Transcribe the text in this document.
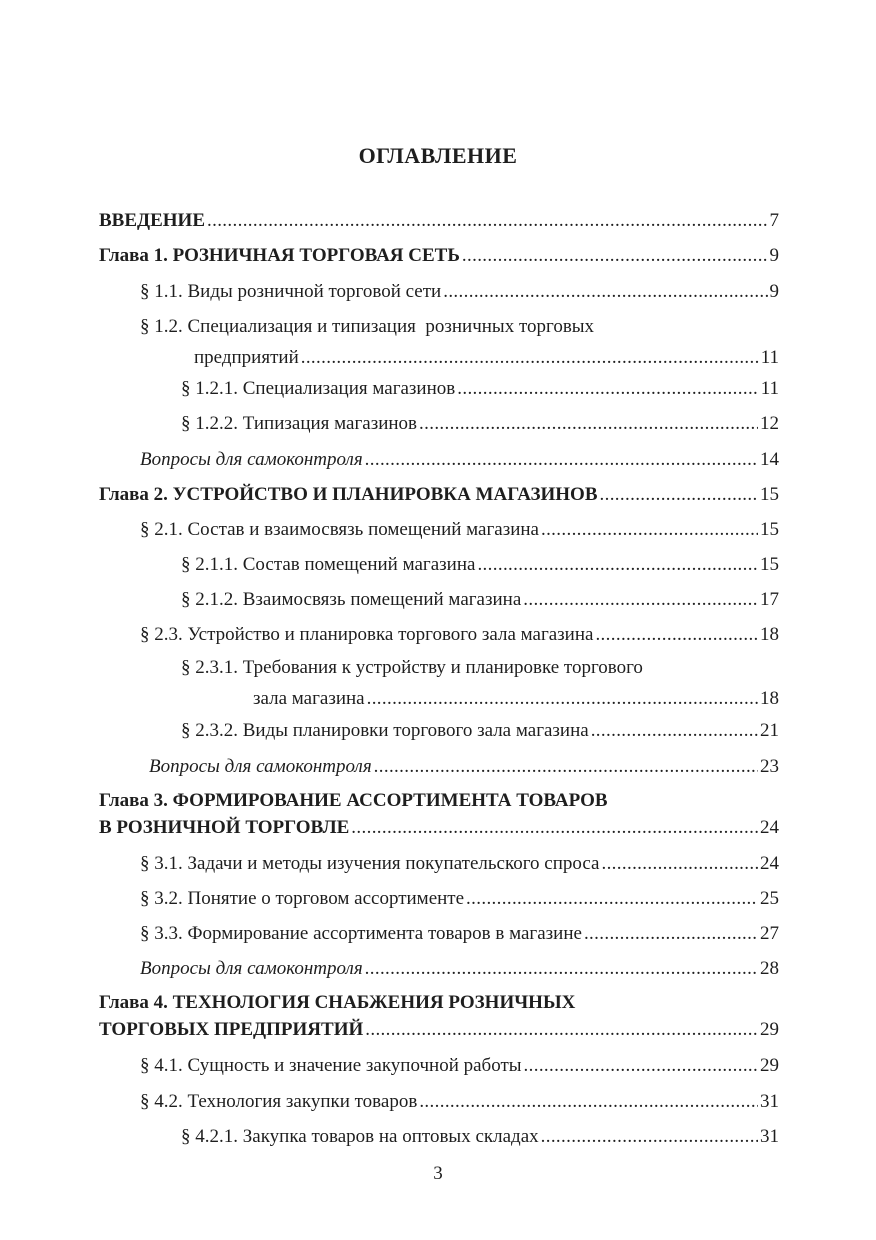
ОГЛАВЛЕНИЕ
ВВЕДЕНИЕ . . .	7
Глава 1. РОЗНИЧНАЯ ТОРГОВАЯ СЕТЬ . . .	9
§ 1.1. Виды розничной торговой сети . . .	9
§ 1.2. Специализация и типизация  розничных торговых
предприятий . . .	11
§ 1.2.1. Специализация магазинов . . .	11
§ 1.2.2. Типизация магазинов . . .	12
Вопросы для самоконтроля . . .	14
Глава 2. УСТРОЙСТВО И ПЛАНИРОВКА МАГАЗИНОВ . . .	15
§ 2.1. Состав и взаимосвязь помещений магазина . . .	15
§ 2.1.1. Состав помещений магазина . . .	15
§ 2.1.2. Взаимосвязь помещений магазина . . .	17
§ 2.3. Устройство и планировка торгового зала магазина . . .	18
§ 2.3.1. Требования к устройству и планировке торгового
зала магазина . . .	18
§ 2.3.2. Виды планировки торгового зала магазина . . .	21
Вопросы для самоконтроля . . .	23
Глава 3. ФОРМИРОВАНИЕ АССОРТИМЕНТА ТОВАРОВ
В РОЗНИЧНОЙ ТОРГОВЛЕ . . .	24
§ 3.1. Задачи и методы изучения покупательского спроса . . .	24
§ 3.2. Понятие о торговом ассортименте . . .	25
§ 3.3. Формирование ассортимента товаров в магазине . . .	27
Вопросы для самоконтроля . . .	28
Глава 4. ТЕХНОЛОГИЯ СНАБЖЕНИЯ РОЗНИЧНЫХ
ТОРГОВЫХ ПРЕДПРИЯТИЙ . . .	29
§ 4.1. Сущность и значение закупочной работы . . .	29
§ 4.2. Технология закупки товаров . . .	31
§ 4.2.1. Закупка товаров на оптовых складах . . .	31
3
